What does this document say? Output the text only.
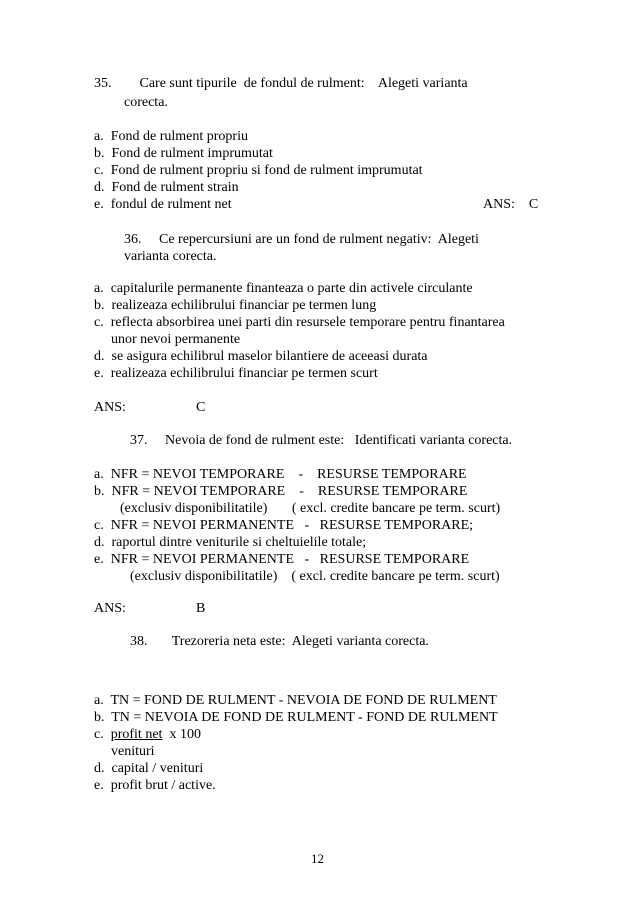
35.        Care sunt tipurile  de fondul de rulment:    Alegeti varianta
corecta.
a.  Fond de rulment propriu
b.  Fond de rulment imprumutat
c.  Fond de rulment propriu si fond de rulment imprumutat
d.  Fond de rulment strain
e.  fondul de rulment net	ANS:    C
36.     Ce repercursiuni are un fond de rulment negativ:  Alegeti
varianta corecta.
a.  capitalurile permanente finanteaza o parte din activele circulante
b.  realizeaza echilibrului financiar pe termen lung
c.  reflecta absorbirea unei parti din resursele temporare pentru finantarea
unor nevoi permanente
d.  se asigura echilibrul maselor bilantiere de aceeasi durata
e.  realizeaza echilibrului financiar pe termen scurt
ANS:	C
37.     Nevoia de fond de rulment este:   Identificati varianta corecta.
a.  NFR = NEVOI TEMPORARE    -    RESURSE TEMPORARE
b.  NFR = NEVOI TEMPORARE    -    RESURSE TEMPORARE
(exclusiv disponibilitatile)       ( excl. credite bancare pe term. scurt)
c.  NFR = NEVOI PERMANENTE   -   RESURSE TEMPORARE;
d.  raportul dintre veniturile si cheltuielile totale;
e.  NFR = NEVOI PERMANENTE   -   RESURSE TEMPORARE
(exclusiv disponibilitatile)    ( excl. credite bancare pe term. scurt)
ANS:	B
38.       Trezoreria neta este:  Alegeti varianta corecta.
a.  TN = FOND DE RULMENT - NEVOIA DE FOND DE RULMENT
b.  TN = NEVOIA DE FOND DE RULMENT - FOND DE RULMENT
c.  profit net  x 100
venituri
d.  capital / venituri
e.  profit brut / active.
12
